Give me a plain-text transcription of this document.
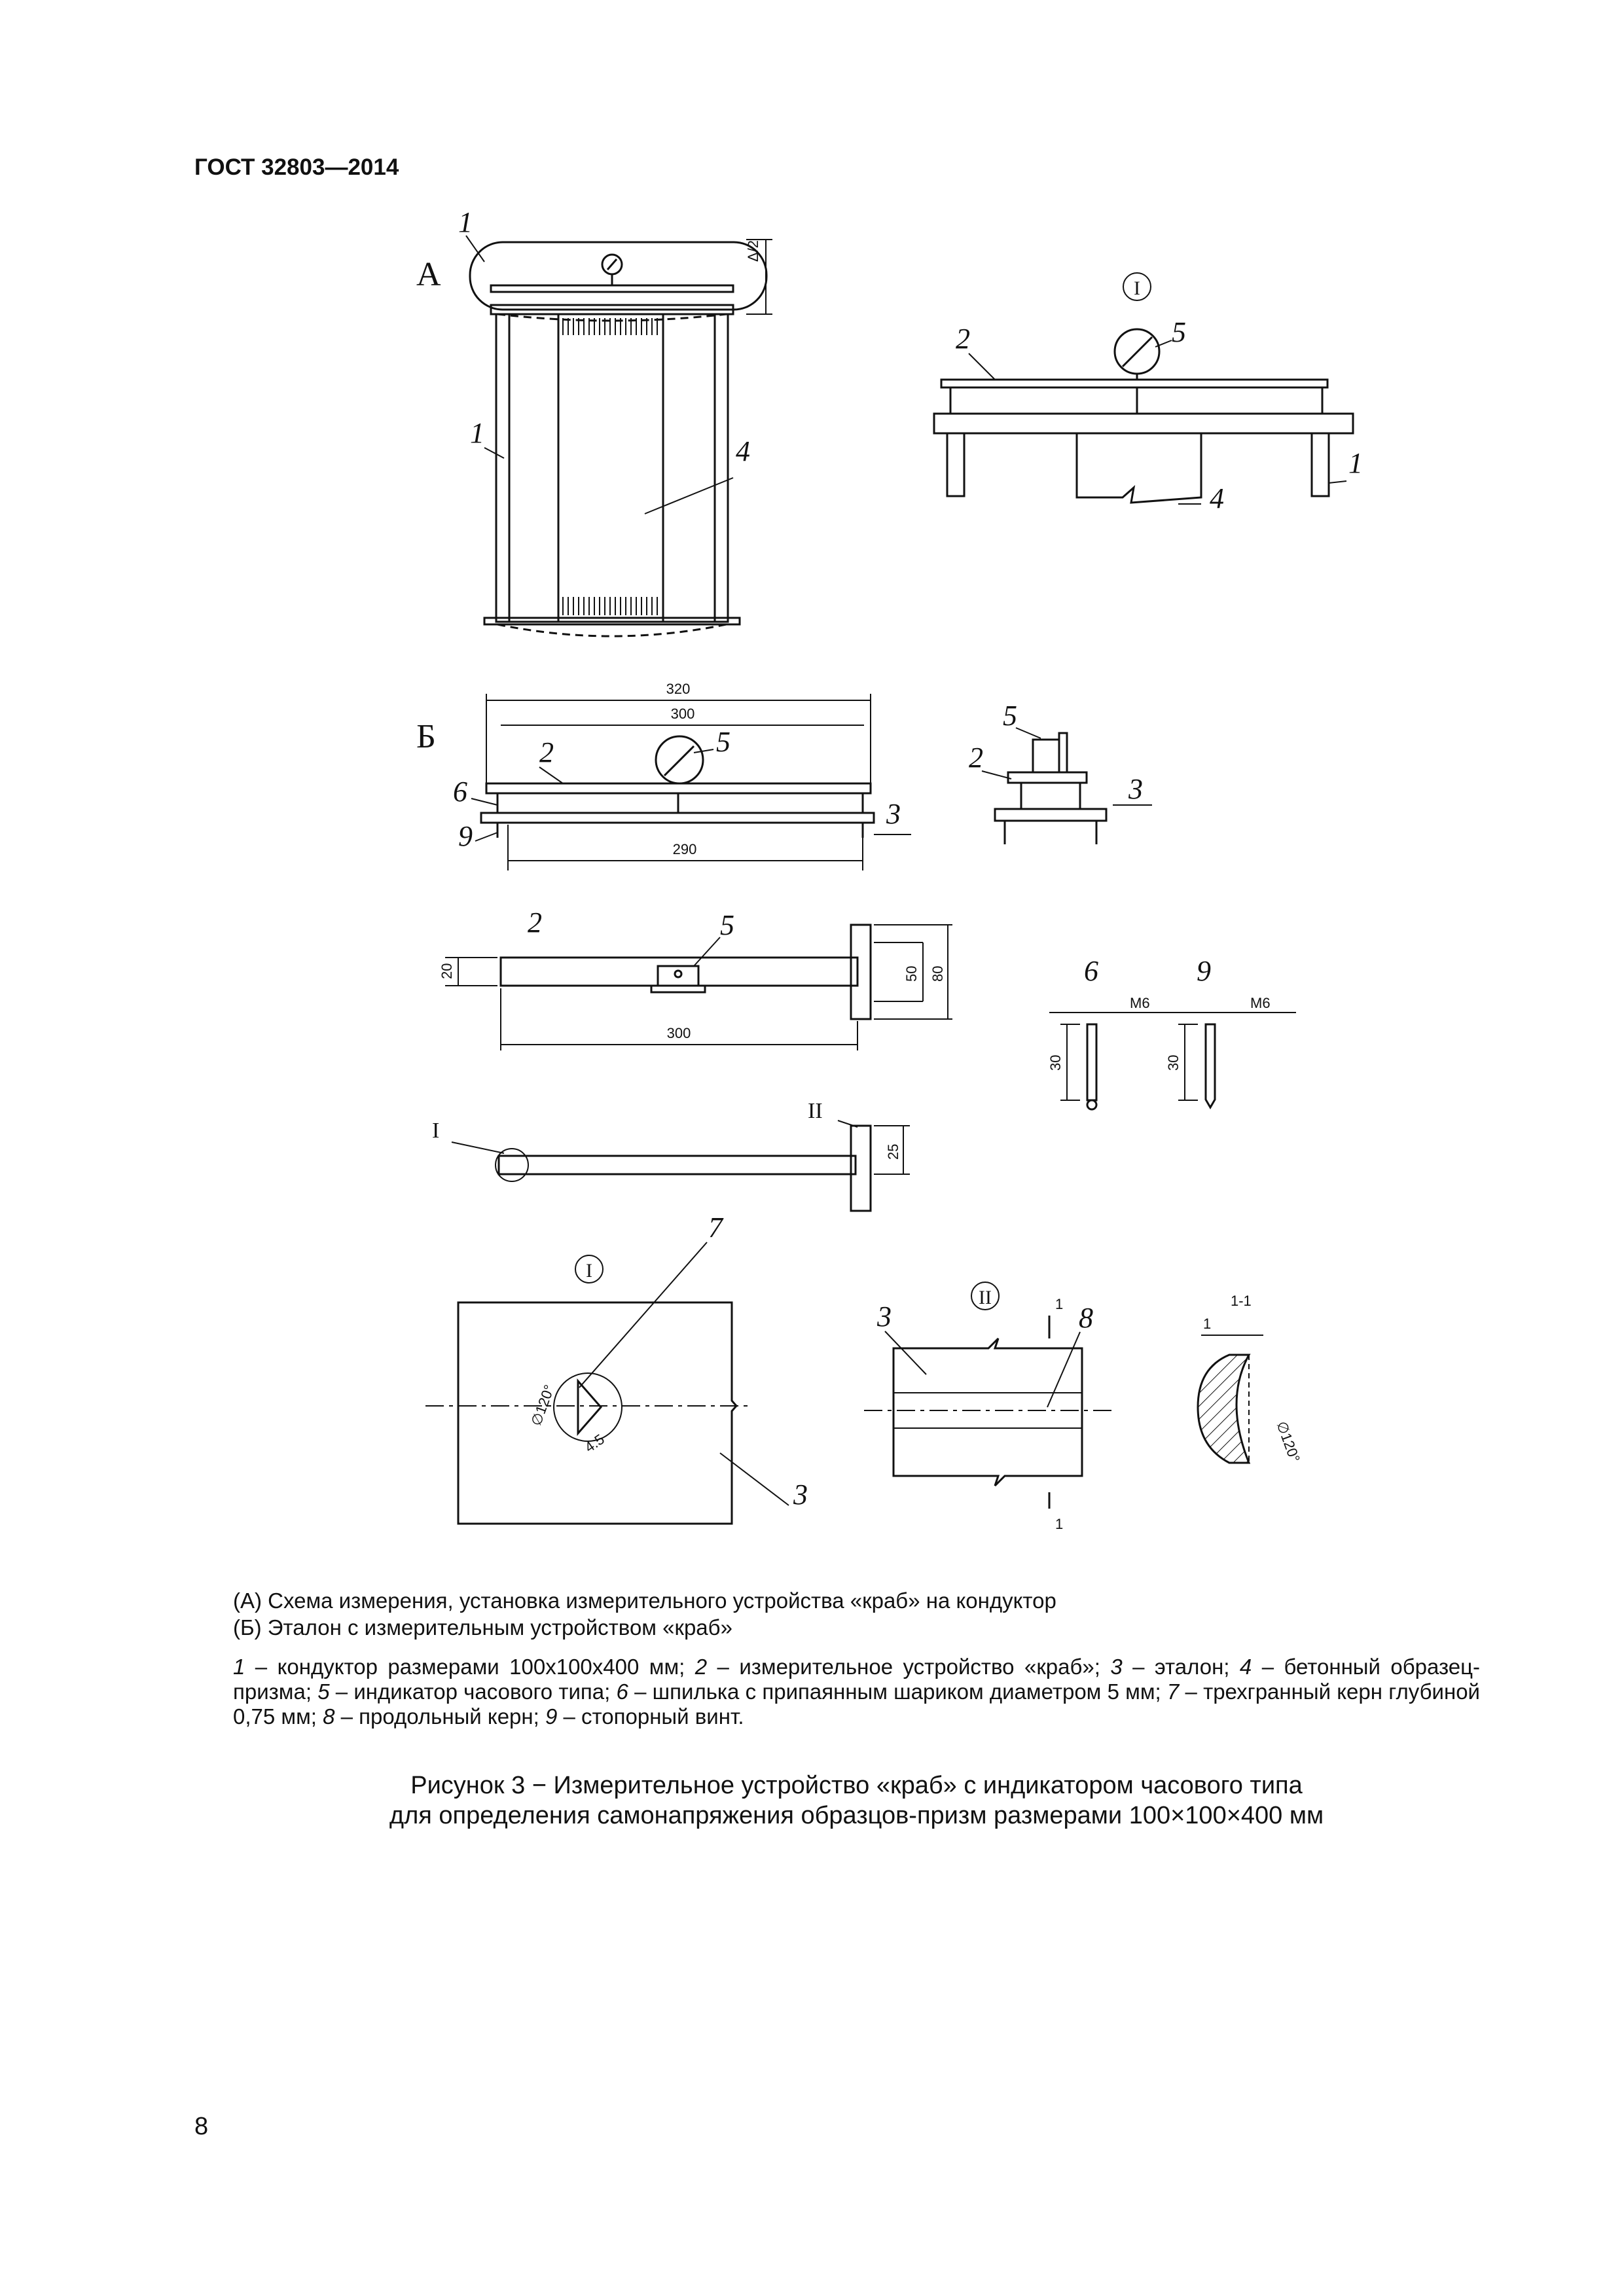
ГОСТ 32803—2014
А
1
1
4
Δ/2
I
2	5
1
4
Б
320
300
290
2	5
6
9
3
5
2
3
20	50 80
300
2	5
6
M6
30
9
M6
30
I
II
25
I
∅120°
4.5
7
3
II	1
1
3	8
1-1
1
∅120°
(А) Схема измерения, установка измерительного устройства «краб» на кондуктор
(Б) Эталон с измерительным устройством «краб»
1 – кондуктор размерами 100х100х400 мм; 2 – измерительное устройство «краб»; 3 – эталон; 4 – бетонный образец-призма; 5 – индикатор часового типа; 6 – шпилька с припаянным шариком диаметром 5 мм; 7 – трехгранный керн глубиной 0,75 мм; 8 – продольный керн; 9 – стопорный винт.
Рисунок 3 − Измерительное устройство «краб» с индикатором часового типа
для определения самонапряжения образцов-призм размерами 100×100×400 мм
8
